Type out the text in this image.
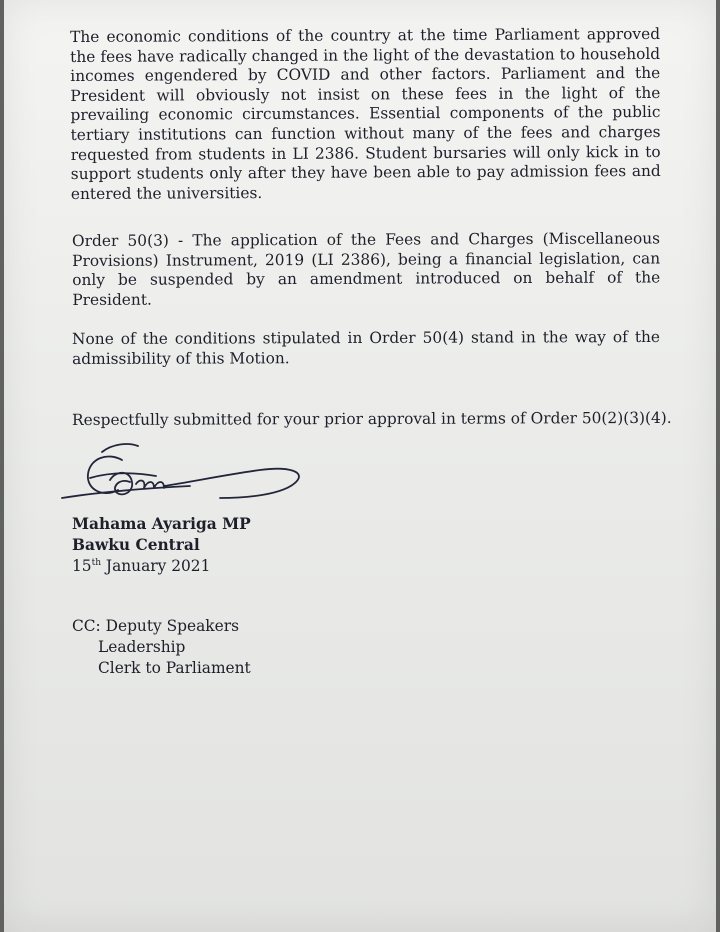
The economic conditions of the country at the time Parliament approved the fees have radically changed in the light of the devastation to household incomes engendered by COVID and other factors. Parliament and the President will obviously not insist on these fees in the light of the prevailing economic circumstances. Essential components of the public tertiary institutions can function without many of the fees and charges requested from students in LI 2386. Student bursaries will only kick in to support students only after they have been able to pay admission fees and entered the universities.

Order 50(3) - The application of the Fees and Charges (Miscellaneous Provisions) Instrument, 2019 (LI 2386), being a financial legislation, can only be suspended by an amendment introduced on behalf of the President.

None of the conditions stipulated in Order 50(4) stand in the way of the admissibility of this Motion.

Respectfully submitted for your prior approval in terms of Order 50(2)(3)(4).

Mahama Ayariga MP
Bawku Central
15th January 2021
CC: Deputy Speakers
Leadership
Clerk to Parliament
